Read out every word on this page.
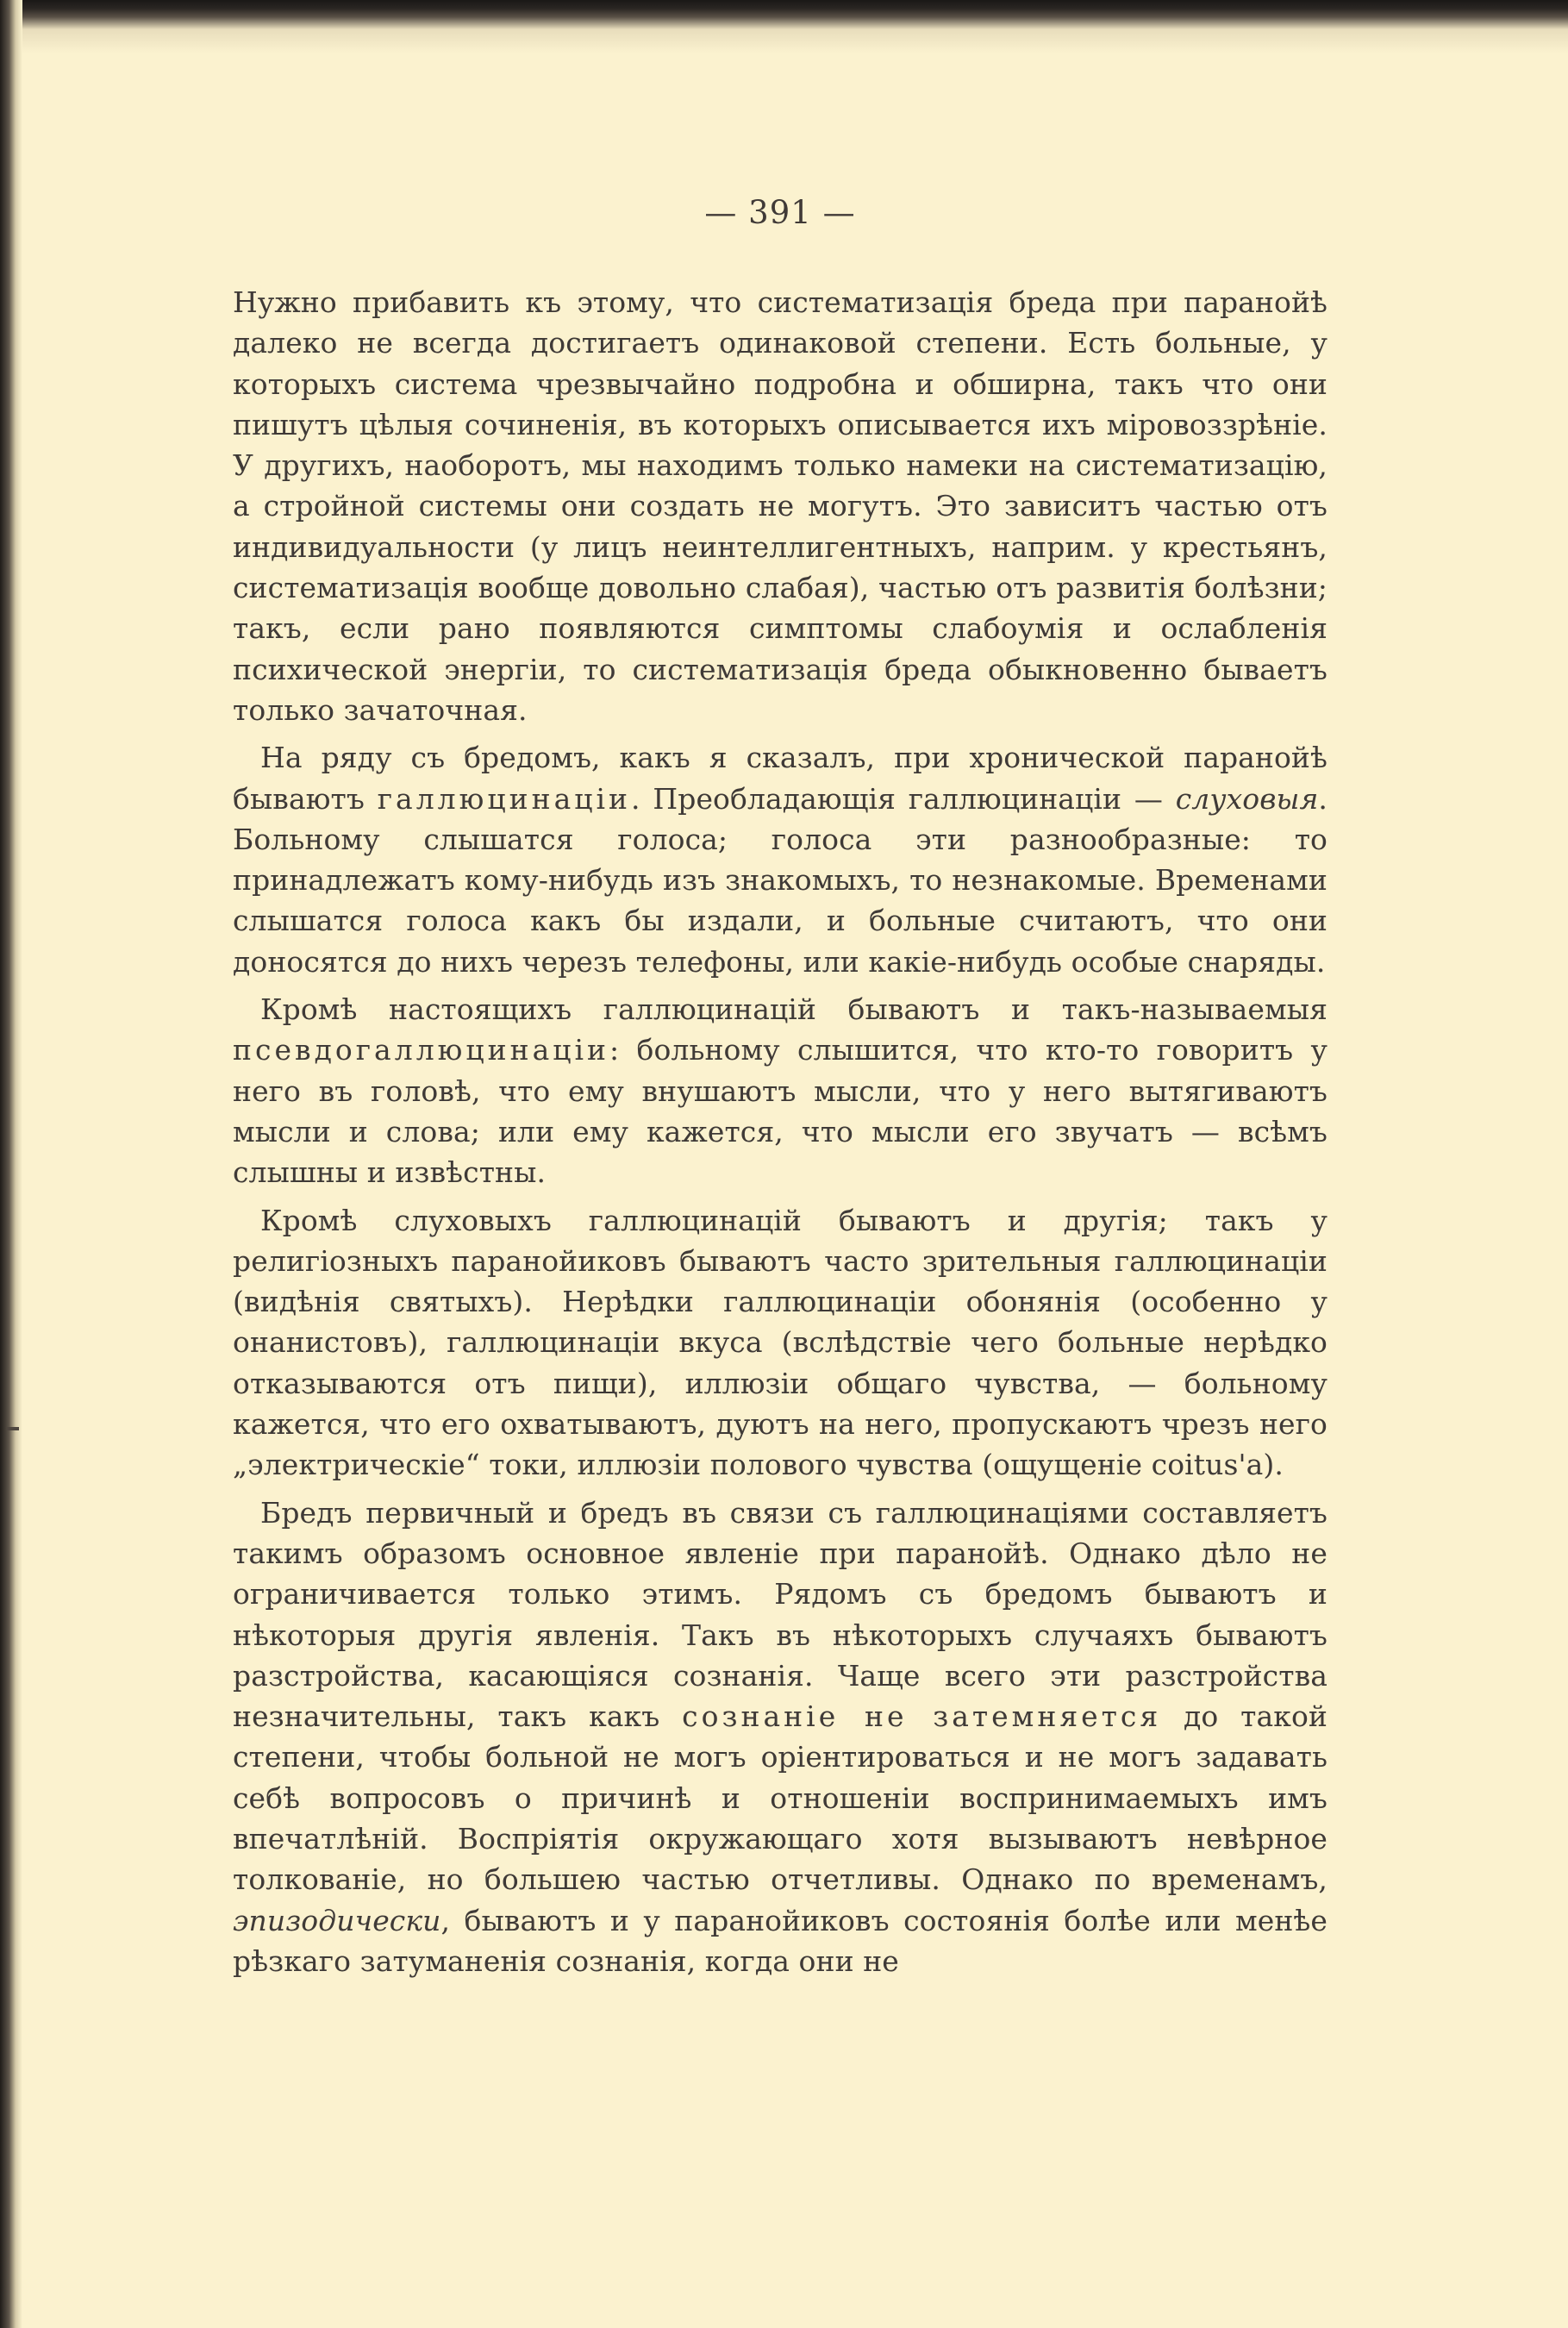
— 391 —

Нужно прибавить къ этому, что систематизація бреда при паранойѣ далеко не всегда достигаетъ одинаковой степени. Есть больные, у которыхъ система чрезвычайно подробна и обширна, такъ что они пишутъ цѣлыя сочиненія, въ которыхъ описывается ихъ міровоззрѣніе. У другихъ, наоборотъ, мы находимъ только намеки на систематизацію, а стройной системы они создать не могутъ. Это зависитъ частью отъ индивидуальности (у лицъ неинтеллигентныхъ, наприм. у крестьянъ, систематизація вообще довольно слабая), частью отъ развитія болѣзни; такъ, если рано появляются симптомы слабоумія и ослабленія психической энергіи, то систематизація бреда обыкновенно бываетъ только зачаточная.

На ряду съ бредомъ, какъ я сказалъ, при хронической паранойѣ бываютъ галлюцинаціи. Преобладающія галлюцинаціи — слуховыя. Больному слышатся голоса; голоса эти разнообразные: то принадлежатъ кому-нибудь изъ знакомыхъ, то незнакомые. Временами слышатся голоса какъ бы издали, и больные считаютъ, что они доносятся до нихъ черезъ телефоны, или какіе-нибудь особые снаряды.

Кромѣ настоящихъ галлюцинацій бываютъ и такъ-называемыя псевдогаллюцинаціи: больному слышится, что кто-то говоритъ у него въ головѣ, что ему внушаютъ мысли, что у него вытягиваютъ мысли и слова; или ему кажется, что мысли его звучатъ — всѣмъ слышны и извѣстны.

Кромѣ слуховыхъ галлюцинацій бываютъ и другія; такъ у религіозныхъ паранойиковъ бываютъ часто зрительныя галлюцинаціи (видѣнія святыхъ). Нерѣдки галлюцинаціи обонянія (особенно у онанистовъ), галлюцинаціи вкуса (вслѣдствіе чего больные нерѣдко отказываются отъ пищи), иллюзіи общаго чувства, — больному кажется, что его охватываютъ, дуютъ на него, пропускаютъ чрезъ него „электрическіе“ токи, иллюзіи полового чувства (ощущеніе coitus'а).

Бредъ первичный и бредъ въ связи съ галлюцинаціями составляетъ такимъ образомъ основное явленіе при паранойѣ. Однако дѣло не ограничивается только этимъ. Рядомъ съ бредомъ бываютъ и нѣкоторыя другія явленія. Такъ въ нѣкоторыхъ случаяхъ бываютъ разстройства, касающіяся сознанія. Чаще всего эти разстройства незначительны, такъ какъ сознаніе не затемняется до такой степени, чтобы больной не могъ оріентироваться и не могъ задавать себѣ вопросовъ о причинѣ и отношеніи воспринимаемыхъ имъ впечатлѣній. Воспріятія окружающаго хотя вызываютъ невѣрное толкованіе, но большею частью отчетливы. Однако по временамъ, эпизодически, бываютъ и у паранойиковъ состоянія болѣе или менѣе рѣзкаго затуманенія сознанія, когда они не
